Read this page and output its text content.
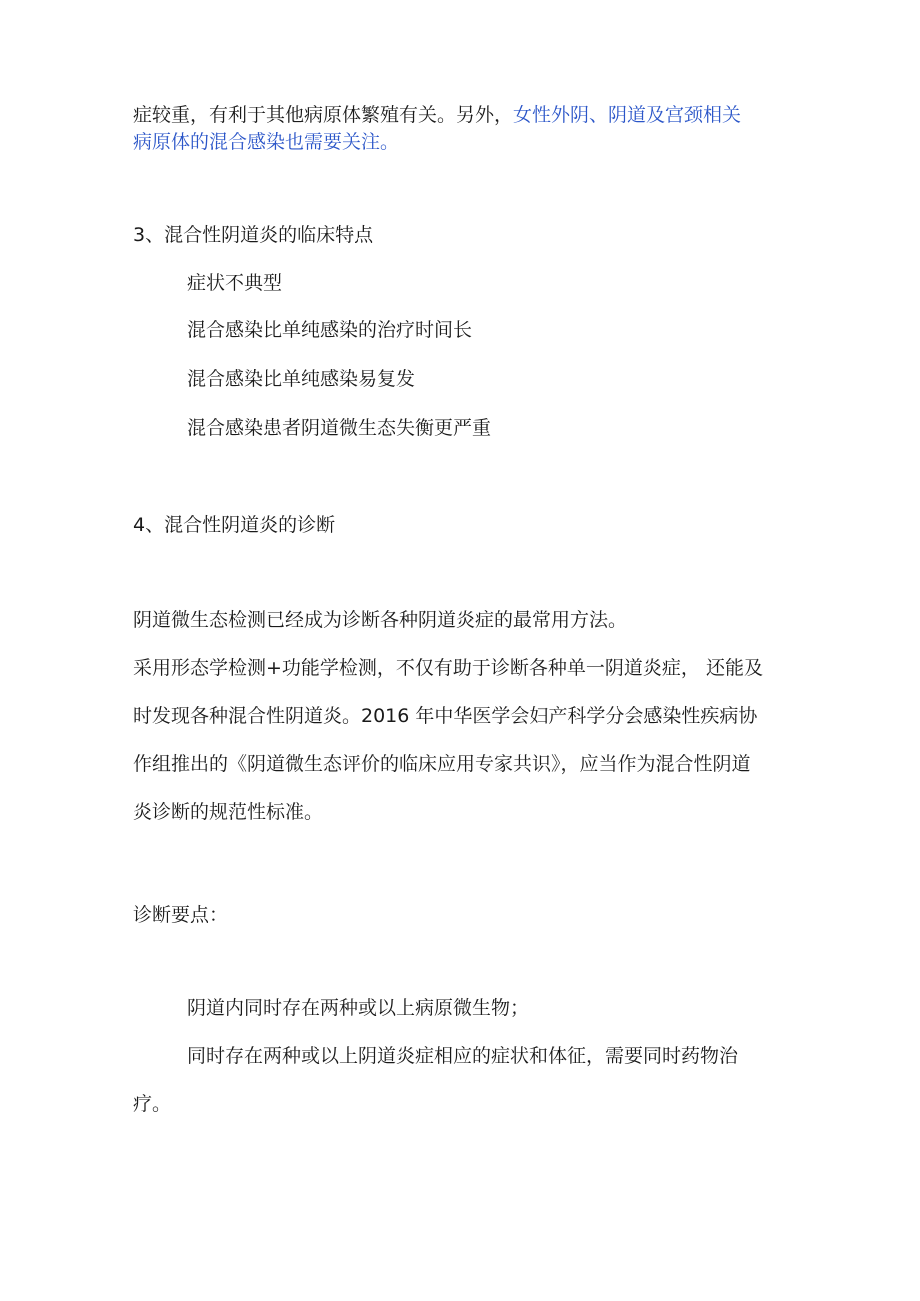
症较重，有利于其他病原体繁殖有关。另外，女性外阴、阴道及宫颈相关
病原体的混合感染也需要关注。
3、混合性阴道炎的临床特点
症状不典型
混合感染比单纯感染的治疗时间长
混合感染比单纯感染易复发
混合感染患者阴道微生态失衡更严重
4、混合性阴道炎的诊断
阴道微生态检测已经成为诊断各种阴道炎症的最常用方法。
采用形态学检测+功能学检测，不仅有助于诊断各种单一阴道炎症， 还能及
时发现各种混合性阴道炎。2016 年中华医学会妇产科学分会感染性疾病协
作组推出的《阴道微生态评价的临床应用专家共识》，应当作为混合性阴道
炎诊断的规范性标准。
诊断要点：
阴道内同时存在两种或以上病原微生物；
同时存在两种或以上阴道炎症相应的症状和体征，需要同时药物治
疗。
